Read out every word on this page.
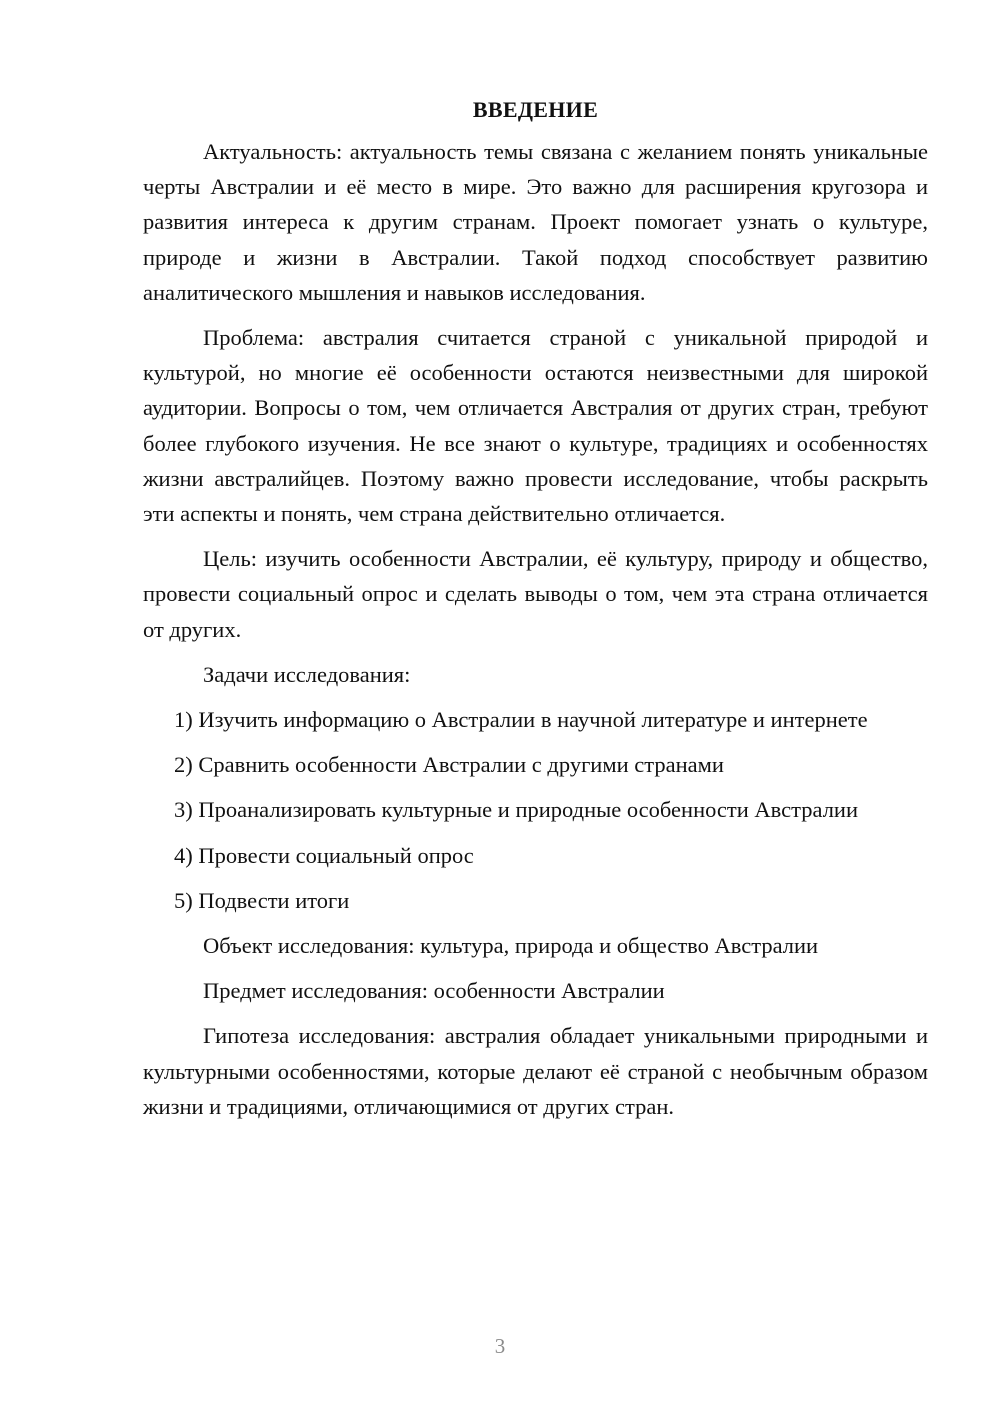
ВВЕДЕНИЕ

Актуальность: актуальность темы связана с желанием понять уникальные черты Австралии и её место в мире. Это важно для расширения кругозора и развития интереса к другим странам. Проект помогает узнать о культуре, природе и жизни в Австралии. Такой подход способствует развитию аналитического мышления и навыков исследования.

Проблема: австралия считается страной с уникальной природой и культурой, но многие её особенности остаются неизвестными для широкой аудитории. Вопросы о том, чем отличается Австралия от других стран, требуют более глубокого изучения. Не все знают о культуре, традициях и особенностях жизни австралийцев. Поэтому важно провести исследование, чтобы раскрыть эти аспекты и понять, чем страна действительно отличается.

Цель: изучить особенности Австралии, её культуру, природу и общество, провести социальный опрос и сделать выводы о том, чем эта страна отличается от других.

Задачи исследования:

1) Изучить информацию о Австралии в научной литературе и интернете

2) Сравнить особенности Австралии с другими странами

3) Проанализировать культурные и природные особенности Австралии

4) Провести социальный опрос

5) Подвести итоги

Объект исследования: культура, природа и общество Австралии

Предмет исследования: особенности Австралии

Гипотеза исследования: австралия обладает уникальными природными и культурными особенностями, которые делают её страной с необычным образом жизни и традициями, отличающимися от других стран.

3
